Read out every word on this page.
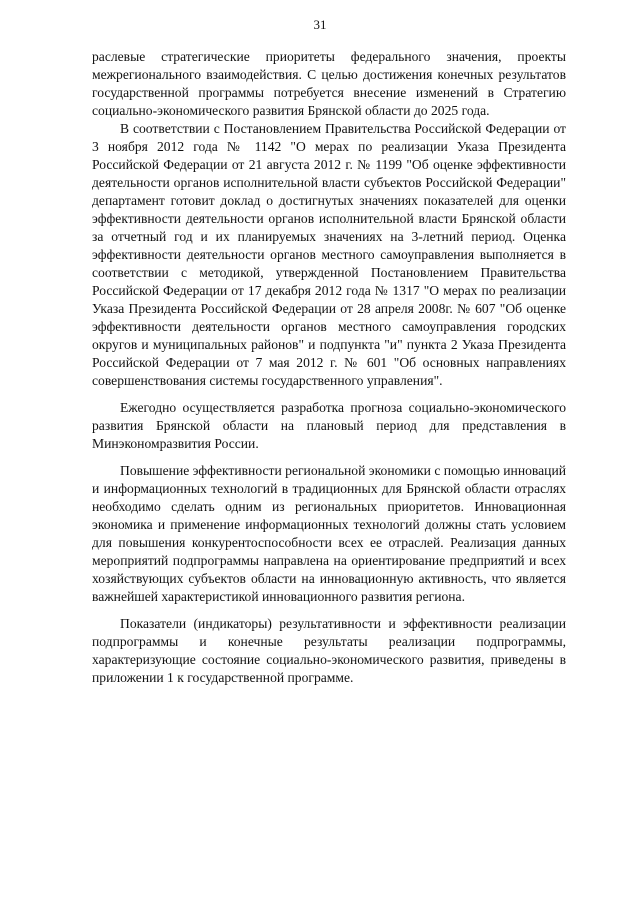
31

раслевые стратегические приоритеты федерального значения, проекты межрегионального взаимодействия. С целью достижения конечных результатов государственной программы потребуется внесение изменений в Стратегию социально-экономического развития Брянской области до 2025 года.

В соответствии с Постановлением Правительства Российской Федерации от 3 ноября 2012 года № 1142 "О мерах по реализации Указа Президента Российской Федерации от 21 августа 2012 г. № 1199 "Об оценке эффективности деятельности органов исполнительной власти субъектов Российской Федерации" департамент готовит доклад о достигнутых значениях показателей для оценки эффективности деятельности органов исполнительной власти Брянской области за отчетный год и их планируемых значениях на 3-летний период. Оценка эффективности деятельности органов местного самоуправления выполняется в соответствии с методикой, утвержденной Постановлением Правительства Российской Федерации от 17 декабря 2012 года № 1317 "О мерах по реализации Указа Президента Российской Федерации от 28 апреля 2008г. № 607 "Об оценке эффективности деятельности органов местного самоуправления городских округов и муниципальных районов" и подпункта "и" пункта 2 Указа Президента Российской Федерации от 7 мая 2012 г. № 601 "Об основных направлениях совершенствования системы государственного управления".

Ежегодно осуществляется разработка прогноза социально-экономического развития Брянской области на плановый период для представления в Минэкономразвития России.

Повышение эффективности региональной экономики с помощью инноваций и информационных технологий в традиционных для Брянской области отраслях необходимо сделать одним из региональных приоритетов. Инновационная экономика и применение информационных технологий должны стать условием для повышения конкурентоспособности всех ее отраслей. Реализация данных мероприятий подпрограммы направлена на ориентирование предприятий и всех хозяйствующих субъектов области на инновационную активность, что является важнейшей характеристикой инновационного развития региона.

Показатели (индикаторы) результативности и эффективности реализации подпрограммы и конечные результаты реализации подпрограммы, характеризующие состояние социально-экономического развития, приведены в приложении 1 к государственной программе.
